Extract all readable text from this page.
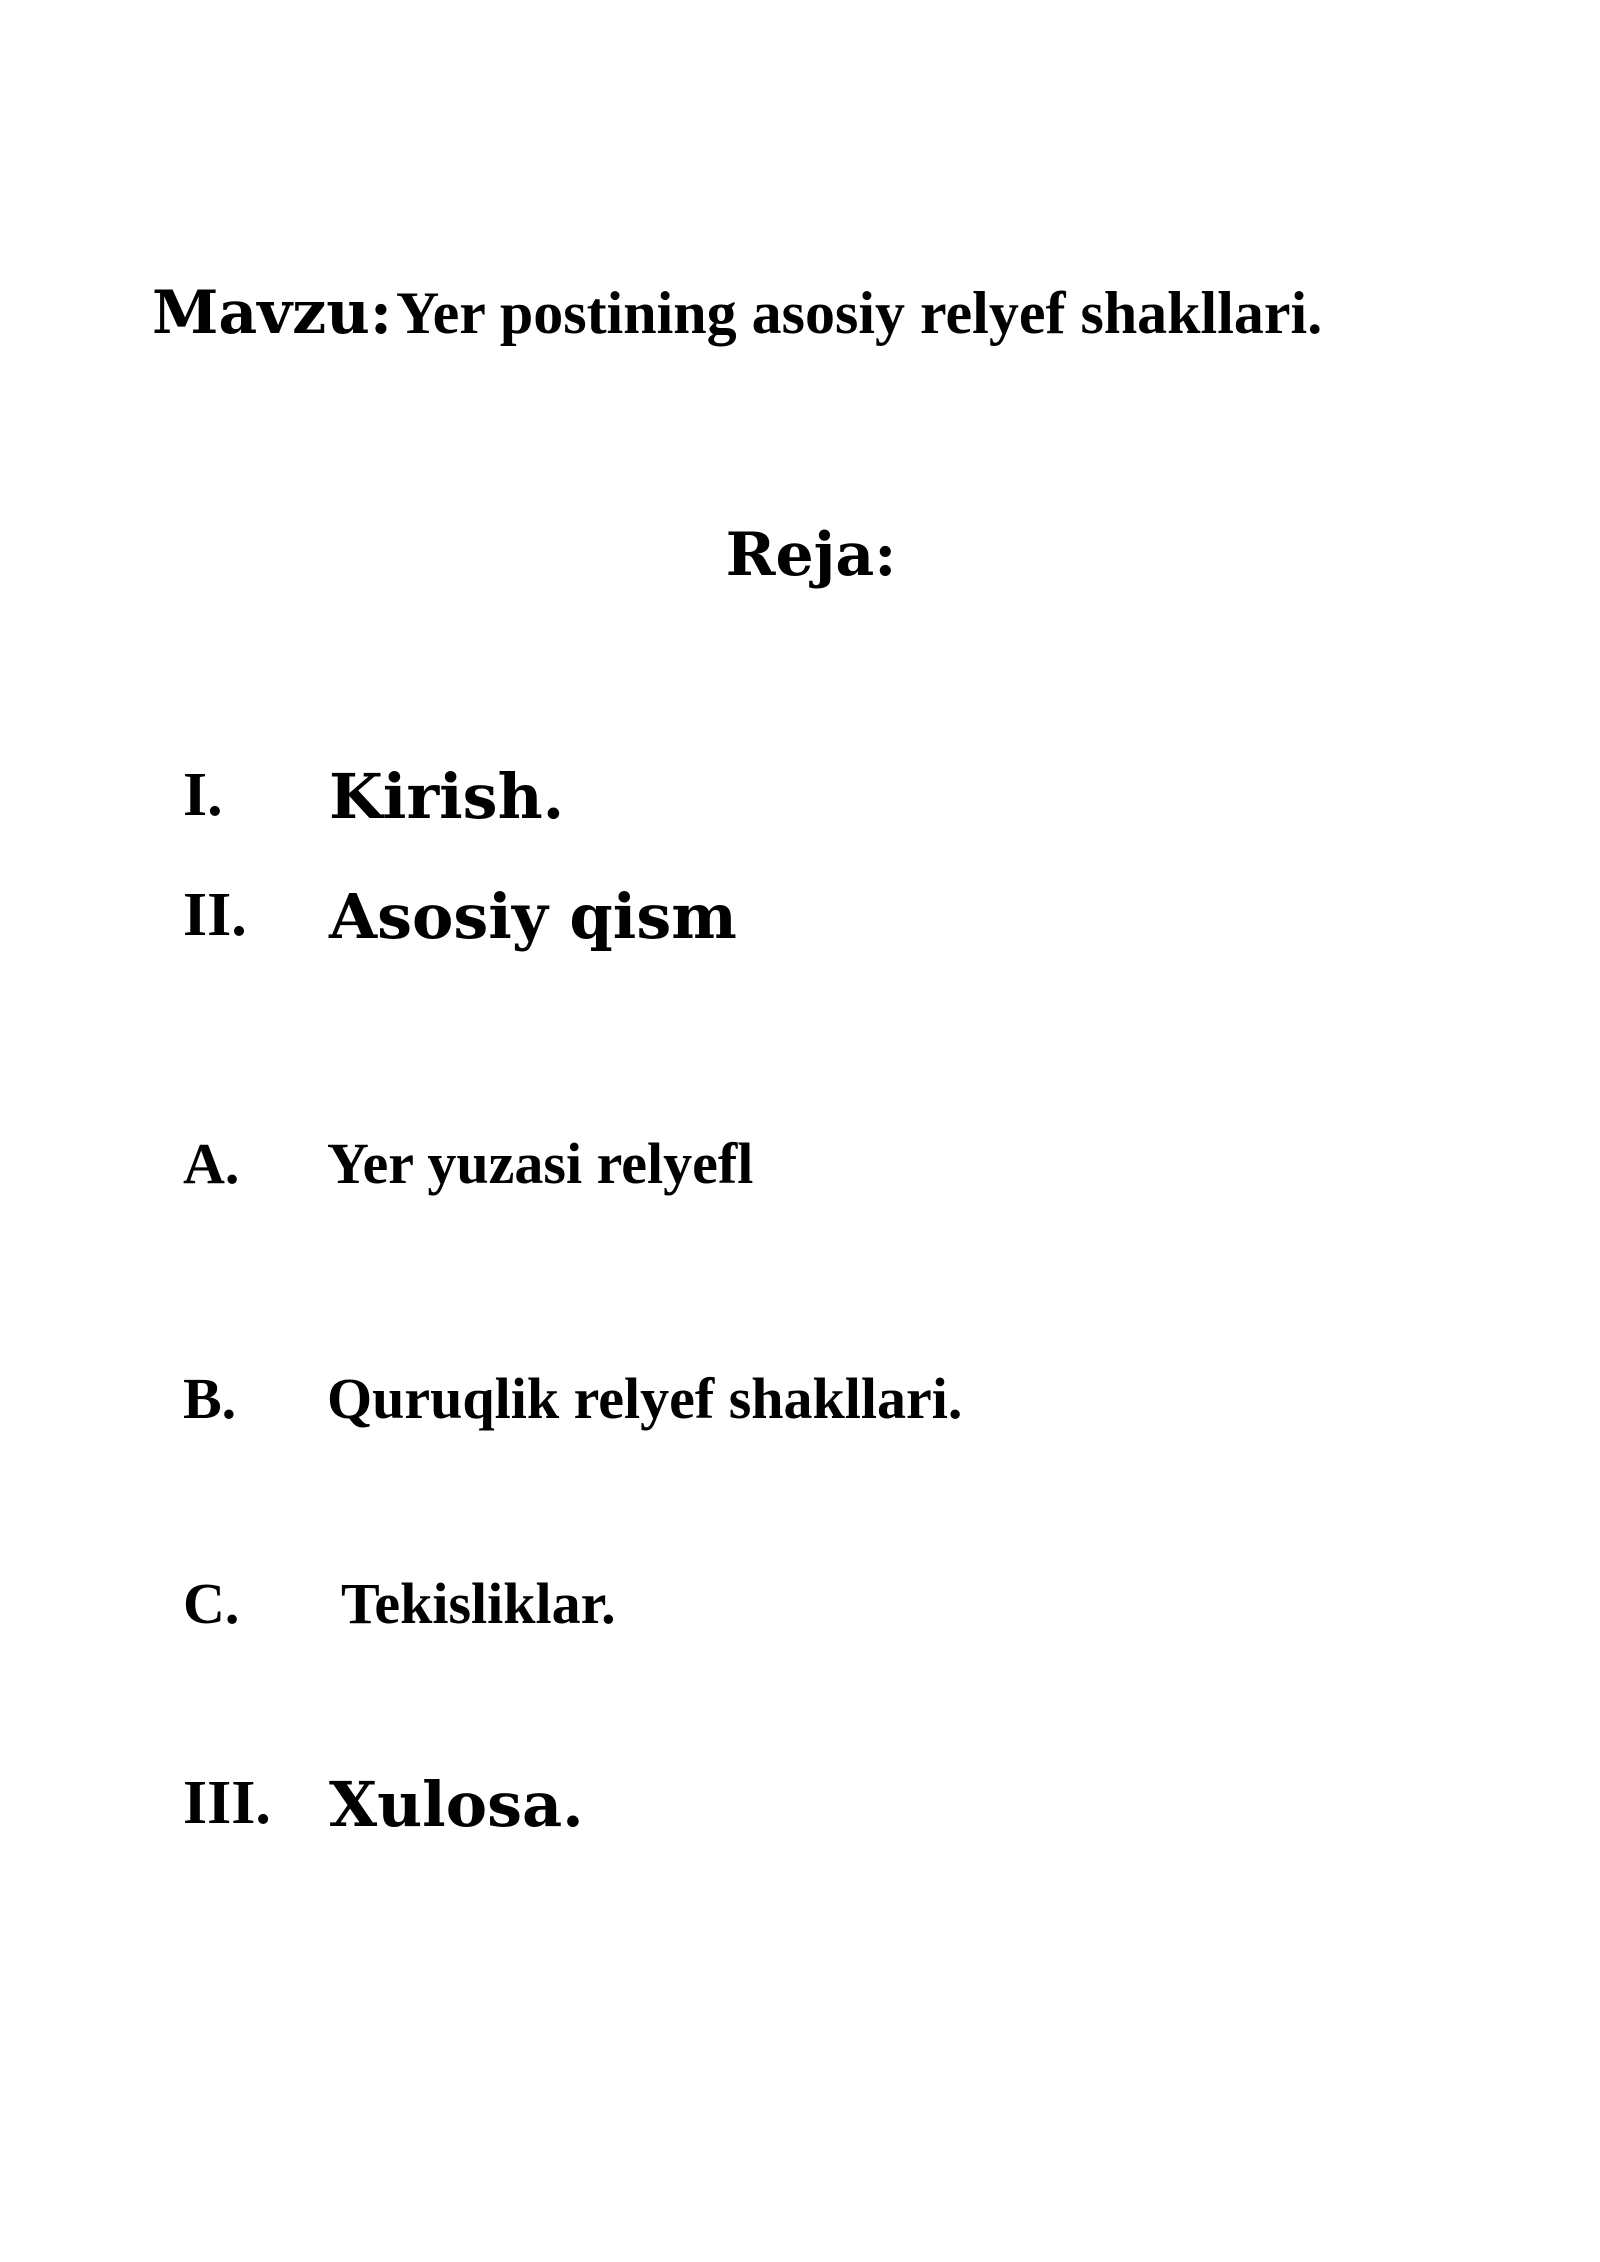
Mavzu: Yer postining asosiy relyef shakllari.
Reja:
I. Kirish.
II. Asosiy qism
A. Yer yuzasi relyefl
B. Quruqlik relyef shakllari.
C. Tekisliklar.
III. Xulosa.
